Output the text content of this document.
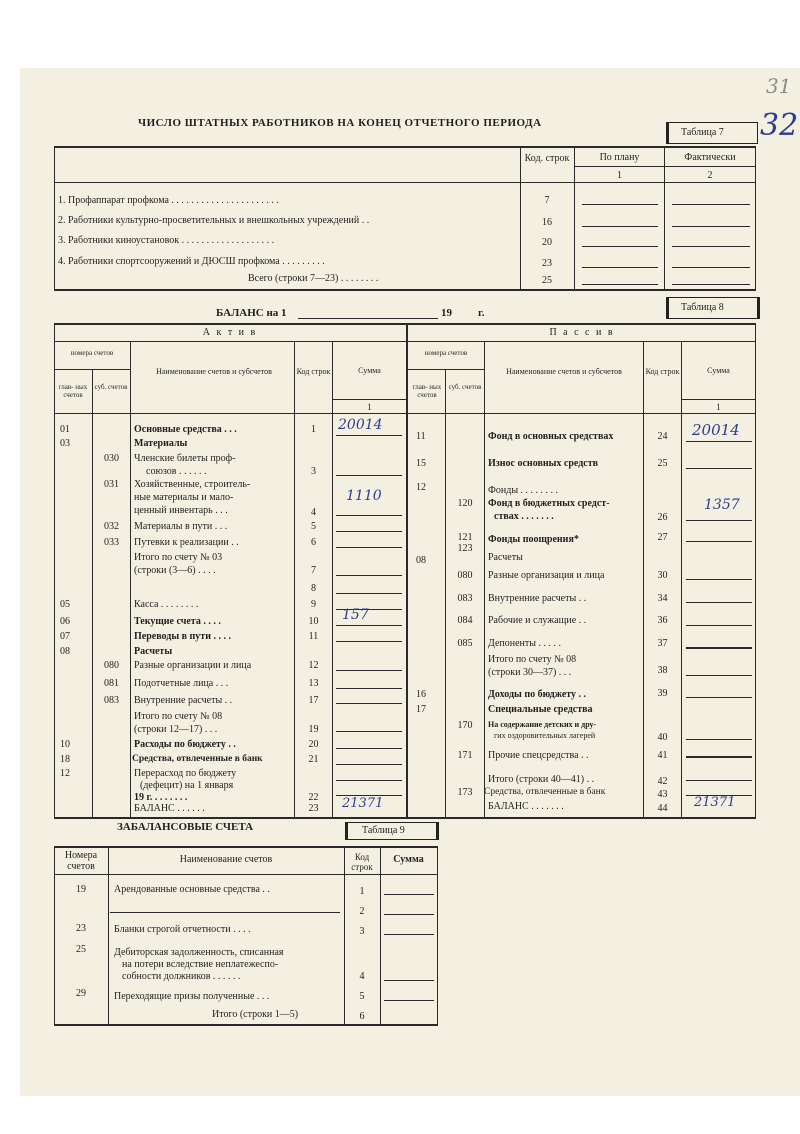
31
32
ЧИСЛО ШТАТНЫХ РАБОТНИКОВ НА КОНЕЦ ОТЧЕТНОГО ПЕРИОДА
Таблица 7
Код. строк	По плану	Фактически
1	2
1. Профаппарат профкома . . . . . . . . . . . . . . . . . . . . . .	7
2. Работники культурно-просветительных и внешкольных учреждений . .	16
3. Работники киноустановок . . . . . . . . . . . . . . . . . . .	20
4. Работники спортсооружений и ДЮСШ профкома . . . . . . . . .	23
Всего (строки 7—23) . . . . . . . .	25
БАЛАНС на 1	19 г.	Таблица 8
А к т и в	П а с с и в
номера счетов
глав- ных счетов
суб. счетов
Наименование счетов и субсчетов	Код строк	Сумма
1
номера счетов
глав- ных счетов
суб. счетов
Наименование счетов и субсчетов	Код строк	Сумма
1
01	Основные средства . . .	1	20014
03	Материалы
030	Членские билеты проф-
союзов . . . . . .	3
031	Хозяйственные, строитель-
ные материалы и мало-
ценный инвентарь . . .	4
1110
032	Материалы в пути . . .	5
033	Путевки к реализации . .	6
Итого по счету № 03
(строки (3—6) . . . .	7
8
05	Касса . . . . . . . .	9
06	Текущие счета . . . .	10	157
07	Переводы в пути . . . .	11
08	Расчеты
080	Разные организации и лица	12
081	Подотчетные лица . . .	13
083	Внутренние расчеты . .	17
Итого по счету № 08
(строки 12—17) . . .	19
10	Расходы по бюджету . .	20
18	Средства, отвлеченные в банк	21
12	Перерасход по бюджету
(дефецит) на 1 января
19 г. . . . . . . .	22
БАЛАНС . . . . . .	23	21371
11	Фонд в основных средствах	24	20014
15	Износ основных средств	25
12	Фонды . . . . . . . .
120	Фонд в бюджетных средст-
ствах . . . . . . .	26
1357
121	Фонды поощрения*	27
123
08	Расчеты
080	Разные организация и лица	30
083	Внутренние расчеты . .	34
084	Рабочие и служащие . .	36
085	Депоненты . . . . .	37
Итого по счету № 08
(строки 30—37) . . .	38
16	Доходы по бюджету . .	39
17	Специальные средства
170	На содержание детских и дру-
гих оздоровительных лагерей	40
171	Прочие спецсредства . .	41
Итого (строки 40—41) . .	42
173	Средства, отвлеченные в банк	43
БАЛАНС . . . . . . .	44	21371
ЗАБАЛАНСОВЫЕ СЧЕТА	Таблица 9
Номера счетов
Наименование счетов	Код строк
Сумма
19	Арендованные основные средства . .	1
2
23	Бланки строгой отчетности . . . .	3
25	Дебиторская задолженность, списанная
на потери вследствие неплатежеспо-
собности должников . . . . . .	4
29	Переходящие призы полученные . . .	5
Итого (строки 1—5)	6
